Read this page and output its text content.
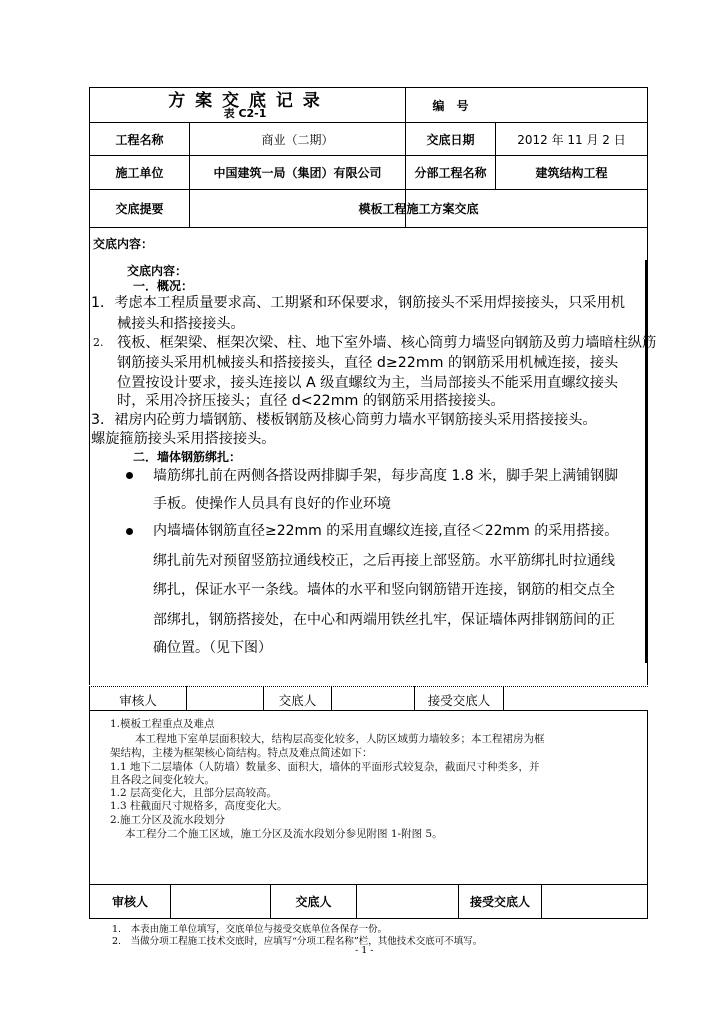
方 案 交 底 记 录
表 C2-1
编　号
工程名称	商业（二期）	交底日期	2012 年 11 月 2 日
施工单位	中国建筑一局（集团）有限公司	分部工程名称	建筑结构工程
交底提要	模板工程施工方案交底
交底内容：
交底内容：
一．概况：
1．考虑本工程质量要求高、工期紧和环保要求，钢筋接头不采用焊接接头，只采用机
械接头和搭接接头。
2. 筏板、框架梁、框架次梁、柱、地下室外墙、核心筒剪力墙竖向钢筋及剪力墙暗柱纵筋
钢筋接头采用机械接头和搭接接头，直径 d≥22mm 的钢筋采用机械连接，接头
位置按设计要求，接头连接以 A 级直螺纹为主，当局部接头不能采用直螺纹接头
时，采用冷挤压接头；直径 d<22mm 的钢筋采用搭接接头。
3．裙房内砼剪力墙钢筋、楼板钢筋及核心筒剪力墙水平钢筋接头采用搭接接头。
螺旋箍筋接头采用搭接接头。
二．墙体钢筋绑扎：
墙筋绑扎前在两侧各搭设两排脚手架，每步高度 1.8 米，脚手架上满铺钢脚
手板。使操作人员具有良好的作业环境
内墙墙体钢筋直径≥22mm 的采用直螺纹连接,直径＜22mm 的采用搭接。
绑扎前先对预留竖筋拉通线校正，之后再接上部竖筋。水平筋绑扎时拉通线
绑扎，保证水平一条线。墙体的水平和竖向钢筋错开连接，钢筋的相交点全
部绑扎，钢筋搭接处，在中心和两端用铁丝扎牢，保证墙体两排钢筋间的正
确位置。（见下图）
审核人	交底人	接受交底人
1.模板工程重点及难点
本工程地下室单层面积较大，结构层高变化较多，人防区域剪力墙较多；本工程裙房为框
架结构，主楼为框架核心筒结构。特点及难点简述如下：
1.1 地下二层墙体（人防墙）数量多、面积大，墙体的平面形式较复杂，截面尺寸种类多，并
且各段之间变化较大。
1.2 层高变化大，且部分层高较高。
1.3 柱截面尺寸规格多，高度变化大。
2.施工分区及流水段划分
本工程分二个施工区域，施工分区及流水段划分参见附图 1-附图 5。
审核人	交底人	接受交底人
1.　本表由施工单位填写，交底单位与接受交底单位各保存一份。
2.　当做分项工程施工技术交底时，应填写“分项工程名称”栏，其他技术交底可不填写。
- 1 -
